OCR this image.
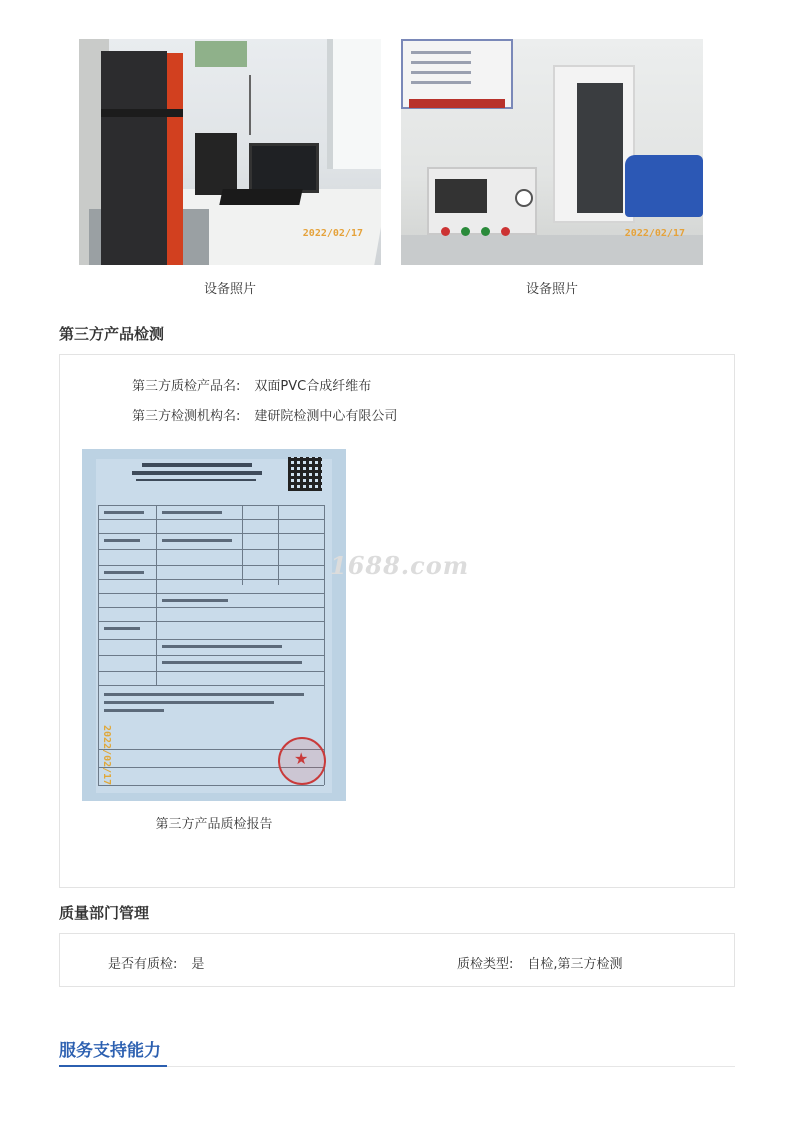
2022/02/17
设备照片
2022/02/17
设备照片
第三方产品检测
第三方质检产品名: 双面PVC合成纤维布
第三方检测机构名: 建研院检测中心有限公司
★
2022/02/17
1688.com
第三方产品质检报告
质量部门管理
是否有质检: 是	质检类型: 自检,第三方检测
服务支持能力
